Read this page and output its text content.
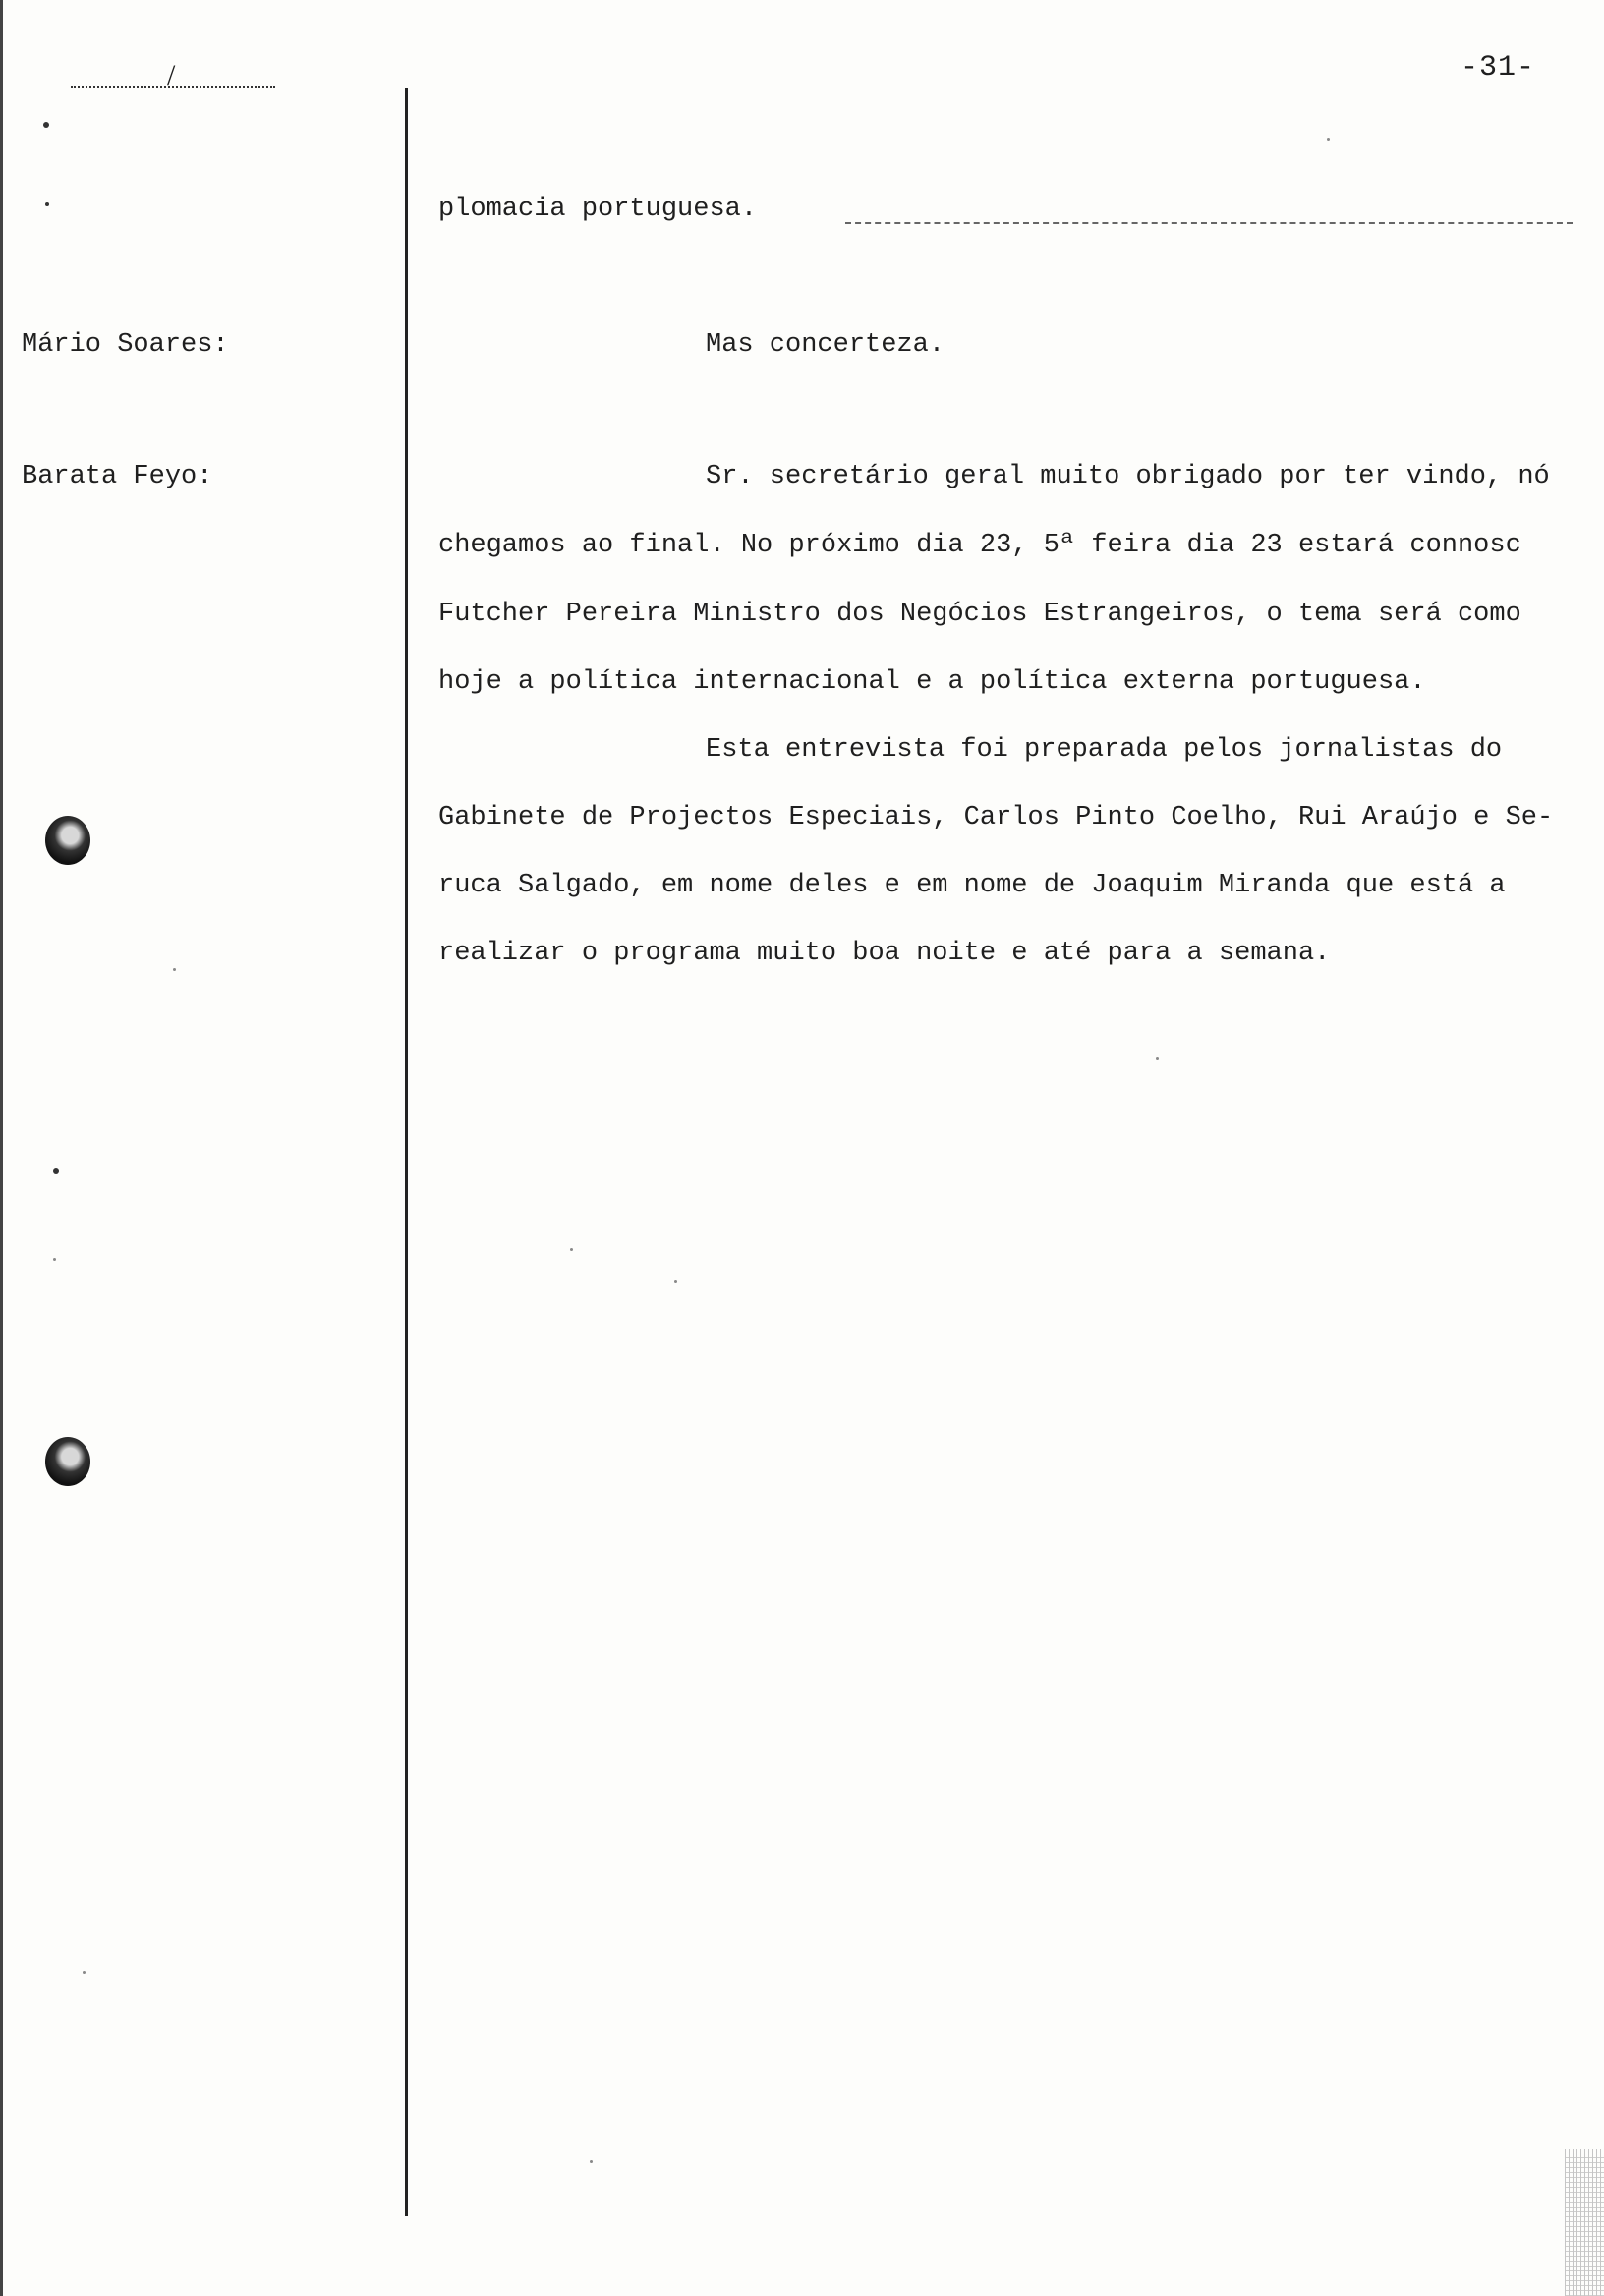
/	-31-
Mário Soares:
Barata Feyo:
plomacia portuguesa.
Mas concerteza.
Sr. secretário geral muito obrigado por ter vindo, nó
chegamos ao final. No próximo dia 23, 5ª feira dia 23 estará connosc
Futcher Pereira Ministro dos Negócios Estrangeiros, o tema será como
hoje a política internacional e a política externa portuguesa.
Esta entrevista foi preparada pelos jornalistas do
Gabinete de Projectos Especiais, Carlos Pinto Coelho, Rui Araújo e Se-
ruca Salgado, em nome deles e em nome de Joaquim Miranda que está a
realizar o programa muito boa noite e até para a semana.
